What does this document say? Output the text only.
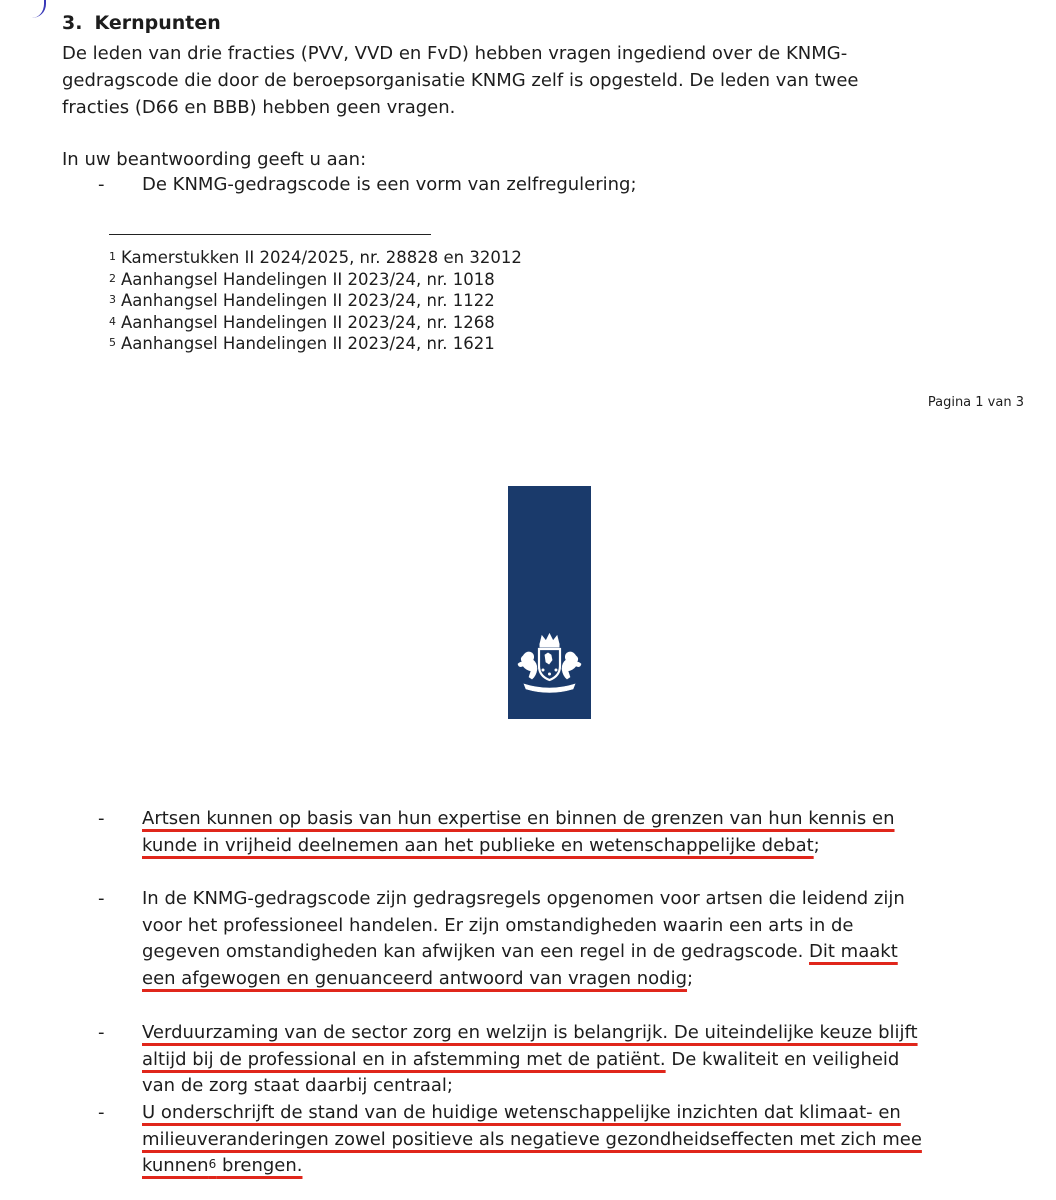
3. Kernpunten

De leden van drie fracties (PVV, VVD en FvD) hebben vragen ingediend over de KNMG-gedragscode die door de beroepsorganisatie KNMG zelf is opgesteld. De leden van twee fracties (D66 en BBB) hebben geen vragen.

In uw beantwoording geeft u aan:

- De KNMG-gedragscode is een vorm van zelfregulering;
$^1$ Kamerstukken II 2024/2025, nr. 28828 en 32012
$^2$ Aanhangsel Handelingen II 2023/24, nr. 1018
$^3$ Aanhangsel Handelingen II 2023/24, nr. 1122
$^4$ Aanhangsel Handelingen II 2023/24, nr. 1268
$^5$ Aanhangsel Handelingen II 2023/24, nr. 1621
Pagina 1 van 3
- Artsen kunnen op basis van hun expertise en binnen de grenzen van hun kennis en kunde in vrijheid deelnemen aan het publieke en wetenschappelijke debat;
- In de KNMG-gedragscode zijn gedragsregels opgenomen voor artsen die leidend zijn voor het professioneel handelen. Er zijn omstandigheden waarin een arts in de gegeven omstandigheden kan afwijken van een regel in de gedragscode. Dit maakt een afgewogen en genuanceerd antwoord van vragen nodig;
- Verduurzaming van de sector zorg en welzijn is belangrijk. De uiteindelijke keuze blijft altijd bij de professional en in afstemming met de patiënt. De kwaliteit en veiligheid van de zorg staat daarbij centraal;
- U onderschrijft de stand van de huidige wetenschappelijke inzichten dat klimaat- en milieuveranderingen zowel positieve als negatieve gezondheidseffecten met zich mee kunnen$^6$ brengen.
